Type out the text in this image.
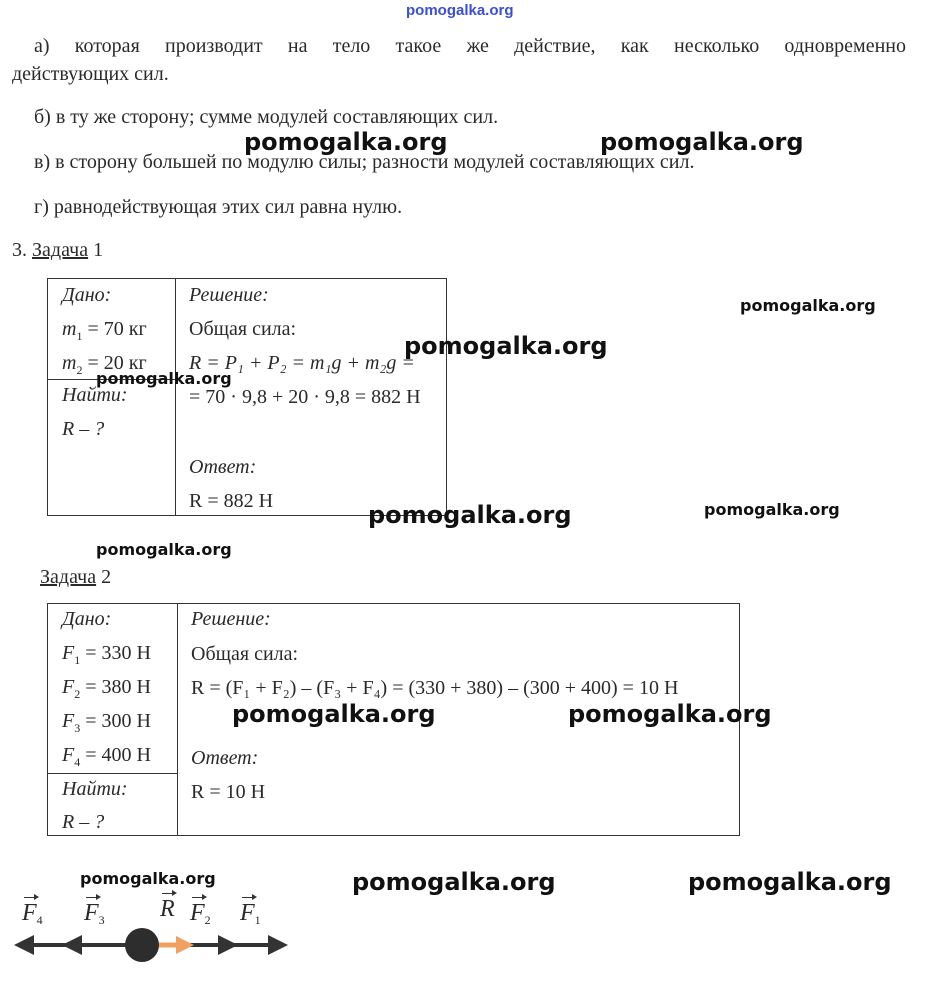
pomogalka.org
а) которая производит на тело такое же действие, как несколько одновременно
действующих сил.
б) в ту же сторону; сумме модулей составляющих сил.
в) в сторону большей по модулю силы; разности модулей составляющих сил.
г) равнодействующая этих сил равна нулю.
3. Задача 1
Дано:
$m_1 = 70$ кг
$m_2 = 20$ кг
Найти:
R – ?
Решение:
Общая сила:
R = P₁ + P₂ = m₁g + m₂g =
= 70 · 9,8 + 20 · 9,8 = 882 Н
Ответ:
R = 882 Н
Задача 2
Дано:
$F_1 = 330$ Н
$F_2 = 380$ Н
$F_3 = 300$ Н
$F_4 = 400$ Н
Найти:
R – ?
Решение:
Общая сила:
R = (F₁ + F₂) – (F₃ + F₄) = (330 + 380) – (300 + 400) = 10 Н
Ответ:
R = 10 Н
$F_4$ $F_3$ R $F_2$ $F_1$
pomogalka.org	pomogalka.org
pomogalka.org
pomogalka.org
pomogalka.org
pomogalka.org	pomogalka.org
pomogalka.org
pomogalka.org	pomogalka.org
pomogalka.org	pomogalka.org	pomogalka.org
